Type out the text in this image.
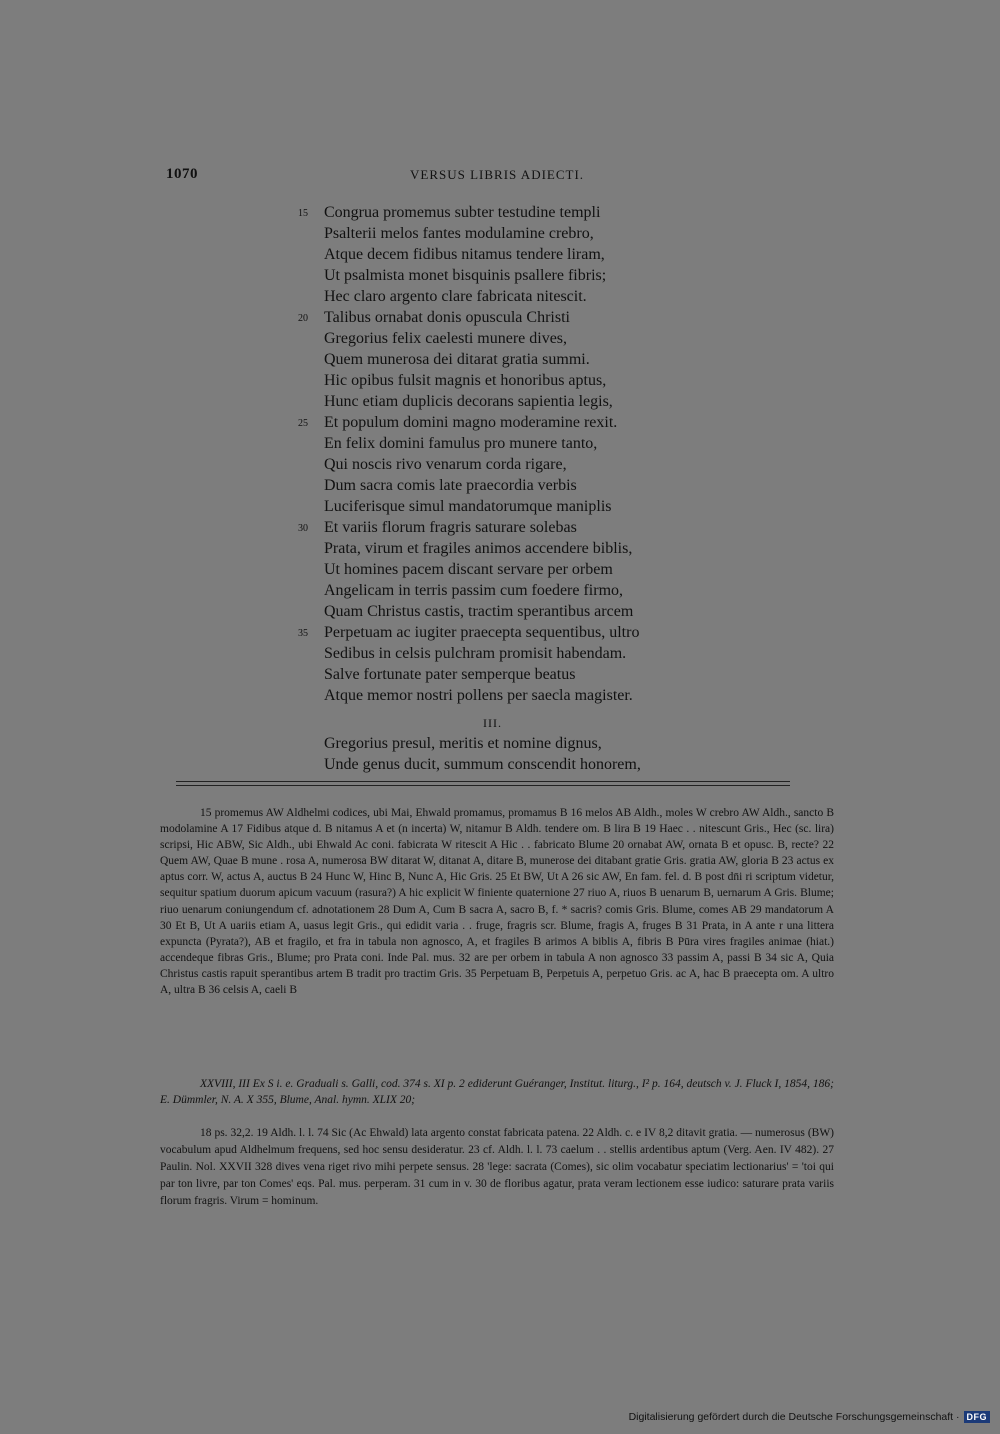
1070	VERSUS LIBRIS ADIECTI.
15	Congrua promemus subter testudine templi
Psalterii melos fantes modulamine crebro,
Atque decem fidibus nitamus tendere liram,
Ut psalmista monet bisquinis psallere fibris;
Hec claro argento clare fabricata nitescit.
20	Talibus ornabat donis opuscula Christi
Gregorius felix caelesti munere dives,
Quem munerosa dei ditarat gratia summi.
Hic opibus fulsit magnis et honoribus aptus,
Hunc etiam duplicis decorans sapientia legis,
25	Et populum domini magno moderamine rexit.
En felix domini famulus pro munere tanto,
Qui noscis rivo venarum corda rigare,
Dum sacra comis late praecordia verbis
Luciferisque simul mandatorumque maniplis
30	Et variis florum fragris saturare solebas
Prata, virum et fragiles animos accendere biblis,
Ut homines pacem discant servare per orbem
Angelicam in terris passim cum foedere firmo,
Quam Christus castis, tractim sperantibus arcem
35	Perpetuam ac iugiter praecepta sequentibus, ultro
Sedibus in celsis pulchram promisit habendam.
Salve fortunate pater semperque beatus
Atque memor nostri pollens per saecla magister.
III.
Gregorius presul, meritis et nomine dignus,
Unde genus ducit, summum conscendit honorem,

15 promemus AW Aldhelmi codices, ubi Mai, Ehwald promamus, promamus B 16 melos AB Aldh., moles W crebro AW Aldh., sancto B modolamine A 17 Fidibus atque d. B nitamus A et (n incerta) W, nitamur B Aldh. tendere om. B lira B 19 Haec . . nitescunt Gris., Hec (sc. lira) scripsi, Hic ABW, Sic Aldh., ubi Ehwald Ac coni. fabicrata W ritescit A Hic . . fabricato Blume 20 ornabat AW, ornata B et opusc. B, recte? 22 Quem AW, Quae B mune . rosa A, numerosa BW ditarat W, ditanat A, ditare B, munerose dei ditabant gratie Gris. gratia AW, gloria B 23 actus ex aptus corr. W, actus A, auctus B 24 Hunc W, Hinc B, Nunc A, Hic Gris. 25 Et BW, Ut A 26 sic AW, En fam. fel. d. B post dn̄i ri scriptum videtur, sequitur spatium duorum apicum vacuum (rasura?) A hic explicit W finiente quaternione 27 riuo A, riuos B uenarum B, uernarum A Gris. Blume; riuo uenarum coniungendum cf. adnotationem 28 Dum A, Cum B sacra A, sacro B, f. * sacris? comis Gris. Blume, comes AB 29 mandatorum A 30 Et B, Ut A uariis etiam A, uasus legit Gris., qui edidit varia . . fruge, fragris scr. Blume, fragis A, fruges B 31 Prata, in A ante r una littera expuncta (Pyrata?), AB et fragilo, et fra in tabula non agnosco, A, et fragiles B arimos A biblis A, fibris B Pūra vires fragiles animae (hiat.) accendeque fibras Gris., Blume; pro Prata coni. Inde Pal. mus. 32 are per orbem in tabula A non agnosco 33 passim A, passi B 34 sic A, Quia Christus castis rapuit sperantibus artem B tradit pro tractim Gris. 35 Perpetuam B, Perpetuis A, perpetuo Gris. ac A, hac B praecepta om. A ultro A, ultra B 36 celsis A, caeli B

XXVIII, III Ex S i. e. Graduali s. Galli, cod. 374 s. XI p. 2 ediderunt Guéranger, Institut. liturg., I² p. 164, deutsch v. J. Fluck I, 1854, 186; E. Dümmler, N. A. X 355, Blume, Anal. hymn. XLIX 20;

18 ps. 32,2. 19 Aldh. l. l. 74 Sic (Ac Ehwald) lata argento constat fabricata patena. 22 Aldh. c. e IV 8,2 ditavit gratia. — numerosus (BW) vocabulum apud Aldhelmum frequens, sed hoc sensu desideratur. 23 cf. Aldh. l. l. 73 caelum . . stellis ardentibus aptum (Verg. Aen. IV 482). 27 Paulin. Nol. XXVII 328 dives vena riget rivo mihi perpete sensus. 28 'lege: sacrata (Comes), sic olim vocabatur speciatim lectionarius' = 'toi qui par ton livre, par ton Comes' eqs. Pal. mus. perperam. 31 cum in v. 30 de floribus agatur, prata veram lectionem esse iudico: saturare prata variis florum fragris. Virum = hominum.

Digitalisierung gefördert durch die Deutsche Forschungsgemeinschaft · DFG
